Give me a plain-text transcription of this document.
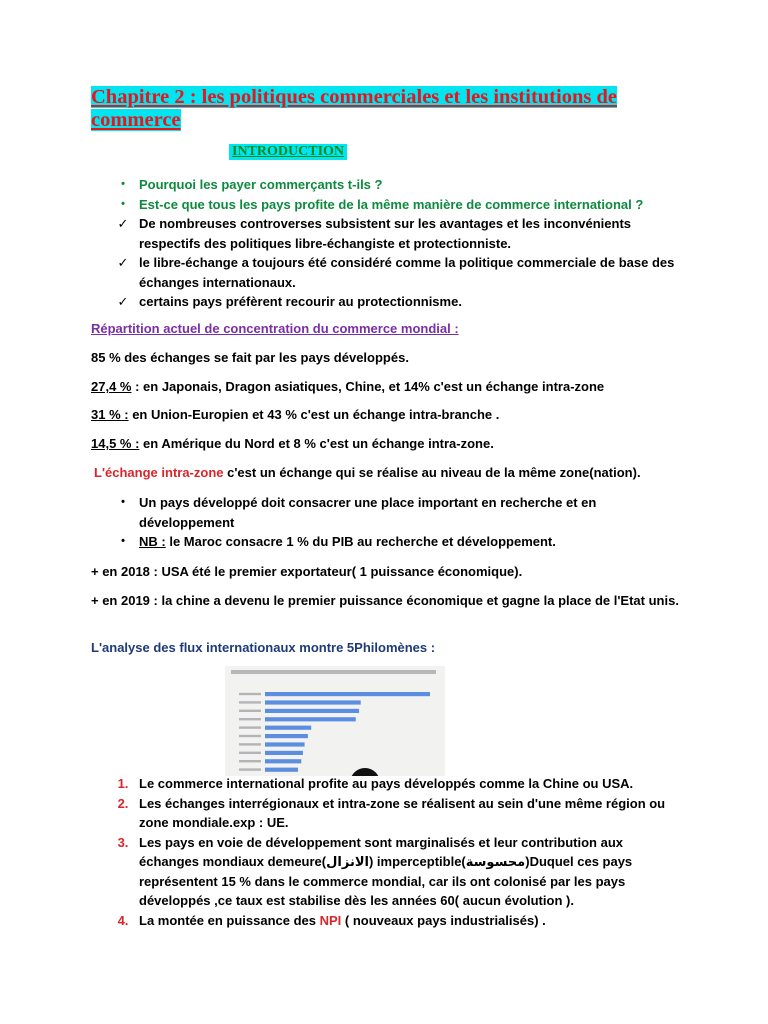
Chapitre 2 : les politiques commerciales et les institutions de commerce
INTRODUCTION
•	Pourquoi les payer commerçants t-ils ?
•	Est-ce que tous les pays profite de la même manière de commerce international ?
✓ De nombreuses controverses subsistent sur les avantages et les inconvénients respectifs des politiques libre-échangiste et protectionniste.
✓ le libre-échange a toujours été considéré comme la politique commerciale de base des échanges internationaux.
✓ certains pays préfèrent recourir au protectionnisme.
Répartition actuel de concentration du commerce mondial :
85 % des échanges se fait par les pays développés.
27,4 % : en Japonais, Dragon asiatiques, Chine, et 14% c'est un échange intra-zone
31 % : en Union-Europien et 43 % c'est un échange intra-branche .
14,5 % : en Amérique du Nord et 8 % c'est un échange intra-zone.
L'échange intra-zone c'est un échange qui se réalise au niveau de la même zone(nation).
•	Un pays développé doit consacrer une place important en recherche et en développement
•	NB : le Maroc consacre 1 % du PIB au recherche et développement.
+ en 2018 : USA été le premier exportateur( 1 puissance économique).
+ en 2019 : la chine a devenu le premier puissance économique et gagne la place de l'Etat unis.
L'analyse des flux internationaux montre 5Philomènes :
1. Le commerce international profite au pays développés comme la Chine ou USA.
2. Les échanges interrégionaux et intra-zone se réalisent au sein d'une même région ou zone mondiale.exp : UE.
3. Les pays en voie de développement sont marginalisés et leur contribution aux échanges mondiaux demeure(الانزال) imperceptible(محسوسة)Duquel ces pays représentent 15 % dans le commerce mondial, car ils ont colonisé par les pays développés ,ce taux est stabilise dès les années 60( aucun évolution ).
4. La montée en puissance des NPI ( nouveaux pays industrialisés) .
